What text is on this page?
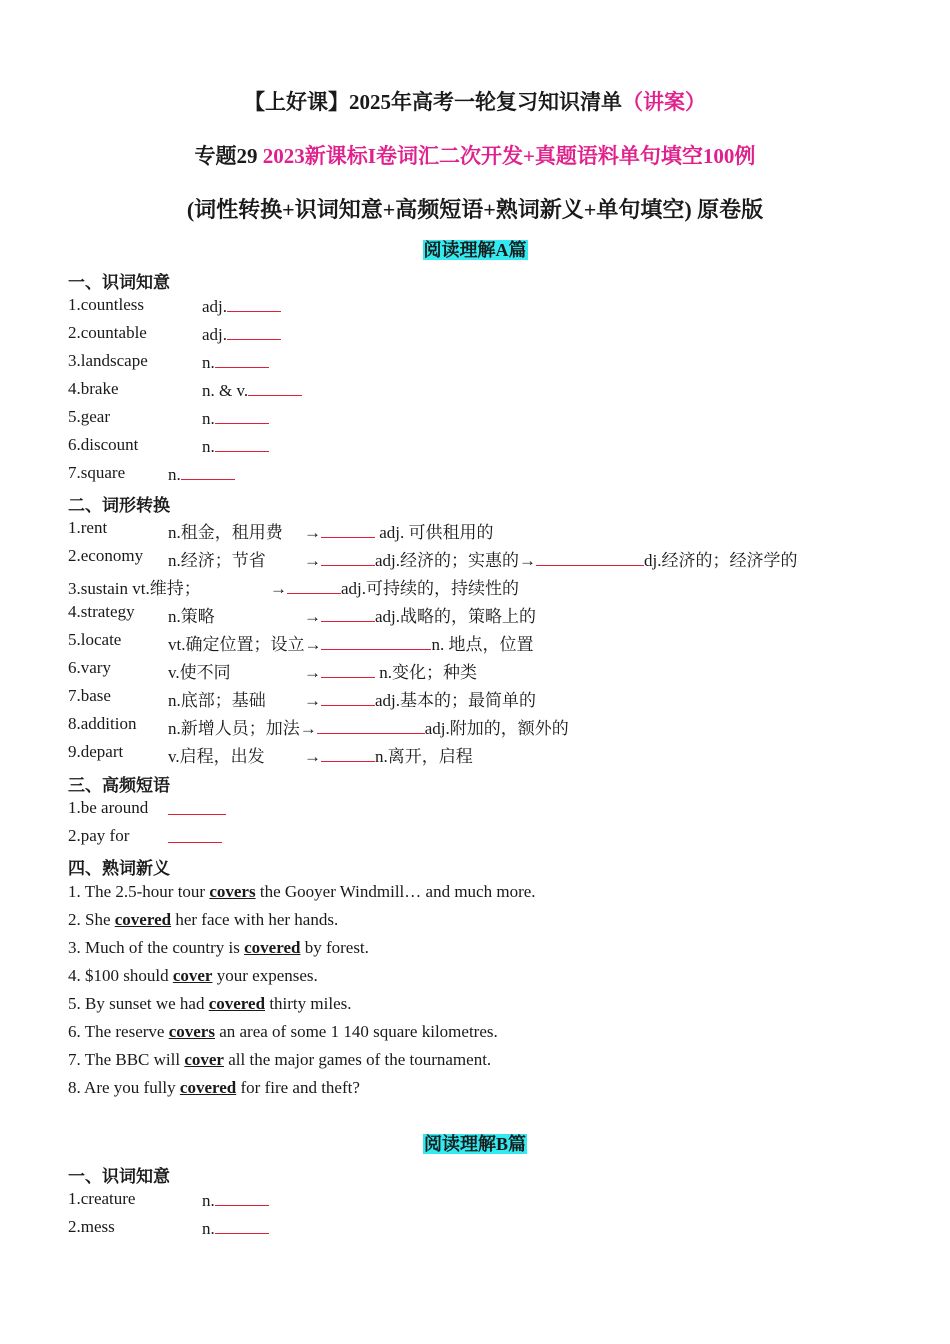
【上好课】2025年高考一轮复习知识清单（讲案）
专题29 2023新课标I卷词汇二次开发+真题语料单句填空100例
(词性转换+识词知意+高频短语+熟词新义+单句填空) 原卷版
阅读理解A篇
一、识词知意
1.countless	adj.
2.countable	adj.
3.landscape	n.
4.brake	n. & v.
5.gear	n.
6.discount	n.
7.square	n.
二、词形转换
1.rent	n.租金，租用费 →	adj. 可供租用的
2.economy n.经济；节省 →	adj.经济的；实惠的→	dj.经济的；经济学的
3.sustain vt.维持；	→	adj.可持续的，持续性的
4.strategy n.策略	→	adj.战略的，策略上的
5.locate	vt.确定位置；设立→	n. 地点，位置
6.vary	v.使不同	→	n.变化；种类
7.base	n.底部；基础 →	adj.基本的；最简单的
8.addition n.新增人员；加法→	adj.附加的，额外的
9.depart	v.启程，出发 →	n.离开，启程
三、高频短语
1.be around
2.pay for
四、熟词新义
1. The 2.5-hour tour covers the Gooyer Windmill… and much more.
2. She covered her face with her hands.
3. Much of the country is covered by forest.
4. $100 should cover your expenses.
5. By sunset we had covered thirty miles.
6. The reserve covers an area of some 1 140 square kilometres.
7. The BBC will cover all the major games of the tournament.
8. Are you fully covered for fire and theft?
阅读理解B篇
一、识词知意
1.creature	n.
2.mess	n.
